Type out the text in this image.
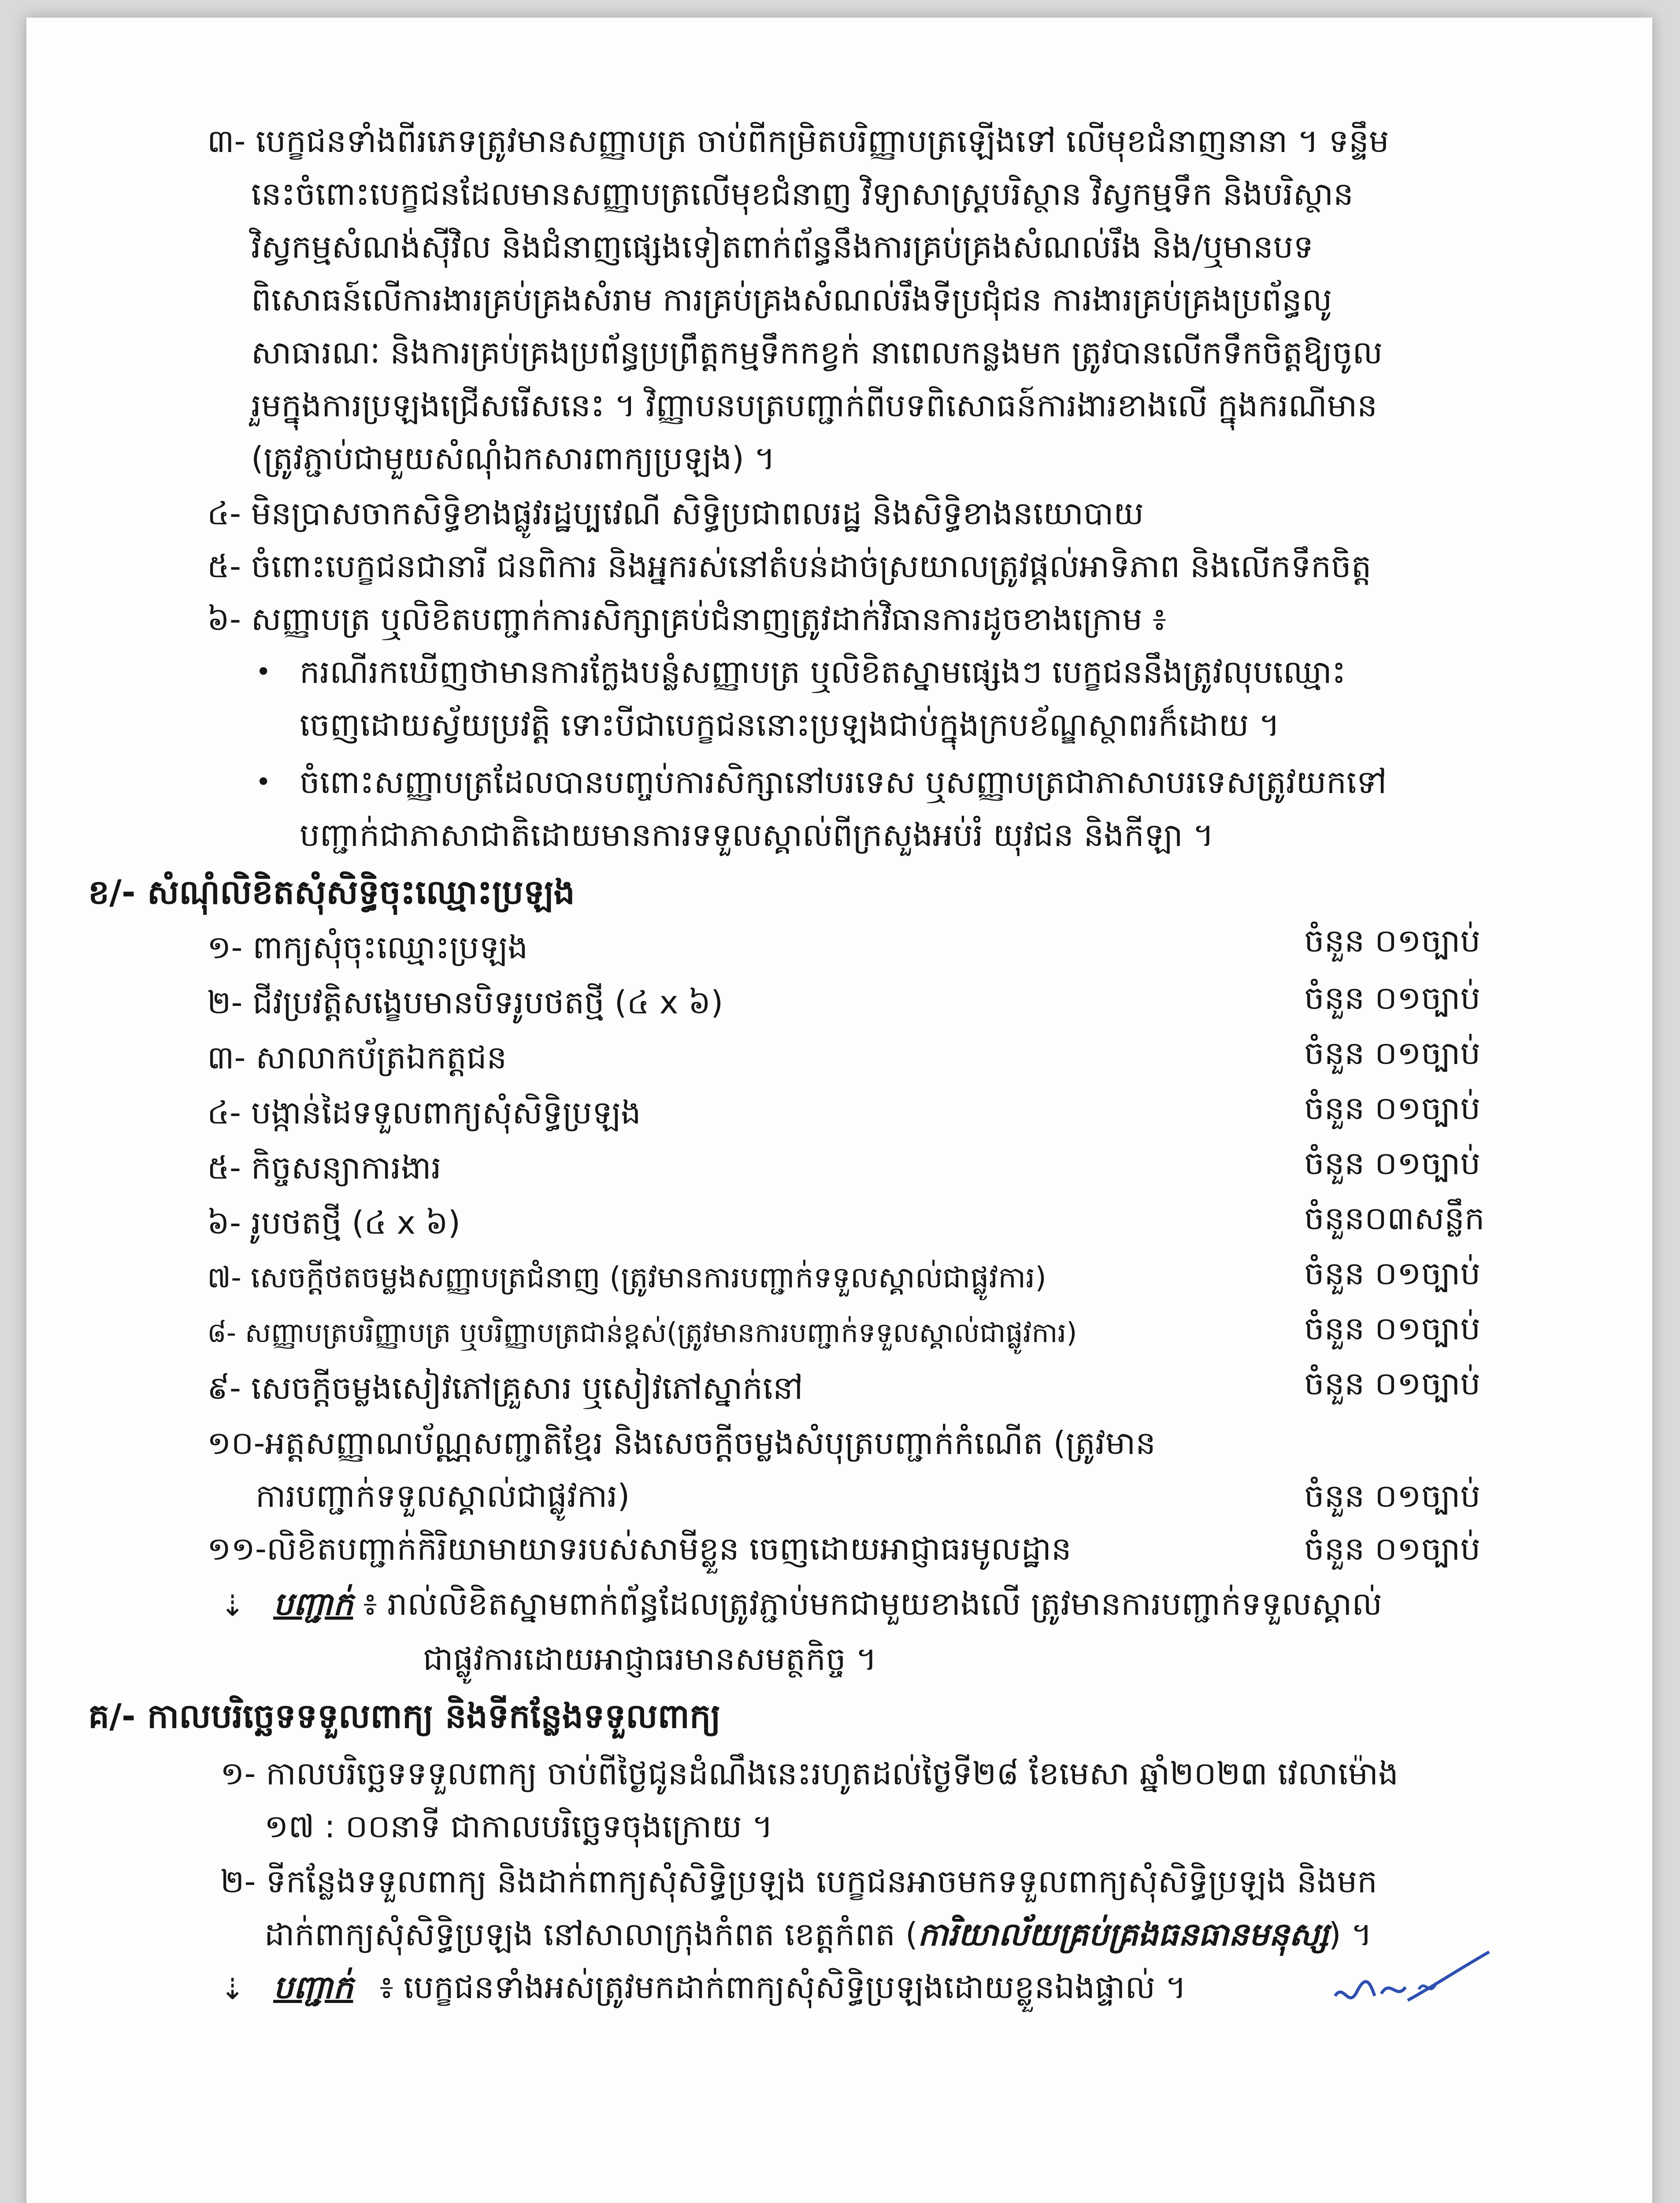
៣- បេក្ខជនទាំងពីរភេទត្រូវមានសញ្ញាបត្រ ចាប់ពីកម្រិតបរិញ្ញាបត្រឡើងទៅ លើមុខជំនាញនានា ។ ទន្ទឹម
នេះចំពោះបេក្ខជនដែលមានសញ្ញាបត្រលើមុខជំនាញ វិទ្យាសាស្ត្របរិស្ថាន វិស្វកម្មទឹក និងបរិស្ថាន
វិស្វកម្មសំណង់ស៊ីវិល និងជំនាញផ្សេងទៀតពាក់ព័ន្ធនឹងការគ្រប់គ្រងសំណល់រឹង និង/ឬមានបទ
ពិសោធន៍លើការងារគ្រប់គ្រងសំរាម ការគ្រប់គ្រងសំណល់រឹងទីប្រជុំជន ការងារគ្រប់គ្រងប្រព័ន្ធលូ
សាធារណៈ និងការគ្រប់គ្រងប្រព័ន្ធប្រព្រឹត្តកម្មទឹកកខ្វក់ នាពេលកន្លងមក ត្រូវបានលើកទឹកចិត្តឱ្យចូល
រួមក្នុងការប្រឡងជ្រើសរើសនេះ ។ វិញ្ញាបនបត្របញ្ជាក់ពីបទពិសោធន៍ការងារខាងលើ ក្នុងករណីមាន
(ត្រូវភ្ជាប់ជាមួយសំណុំឯកសារពាក្យប្រឡង) ។
៤- មិនប្រាសចាកសិទ្ធិខាងផ្លូវរដ្ឋប្បវេណី សិទ្ធិប្រជាពលរដ្ឋ និងសិទ្ធិខាងនយោបាយ
៥- ចំពោះបេក្ខជនជានារី ជនពិការ និងអ្នករស់នៅតំបន់ដាច់ស្រយាលត្រូវផ្តល់អាទិភាព និងលើកទឹកចិត្ត
៦- សញ្ញាបត្រ ឬលិខិតបញ្ជាក់ការសិក្សាគ្រប់ជំនាញត្រូវដាក់វិធានការដូចខាងក្រោម ៖
• ករណីរកឃើញថាមានការក្លែងបន្លំសញ្ញាបត្រ ឬលិខិតស្នាមផ្សេងៗ បេក្ខជននឹងត្រូវលុបឈ្មោះ
ចេញដោយស្វ័យប្រវត្តិ ទោះបីជាបេក្ខជននោះប្រឡងជាប់ក្នុងក្របខ័ណ្ឌស្ថាពរក៏ដោយ ។
• ចំពោះសញ្ញាបត្រដែលបានបញ្ចប់ការសិក្សានៅបរទេស ឬសញ្ញាបត្រជាភាសាបរទេសត្រូវយកទៅ
បញ្ជាក់ជាភាសាជាតិដោយមានការទទួលស្គាល់ពីក្រសួងអប់រំ យុវជន និងកីឡា ។
ខ/- សំណុំលិខិតសុំសិទ្ធិចុះឈ្មោះប្រឡង
១- ពាក្យសុំចុះឈ្មោះប្រឡង	ចំនួន ០១ច្បាប់
២- ជីវប្រវត្តិសង្ខេបមានបិទរូបថតថ្មី (៤ x ៦)	ចំនួន ០១ច្បាប់
៣- សាលាកប័ត្រឯកត្តជន	ចំនួន ០១ច្បាប់
៤- បង្កាន់ដៃទទួលពាក្យសុំសិទ្ធិប្រឡង	ចំនួន ០១ច្បាប់
៥- កិច្ចសន្យាការងារ	ចំនួន ០១ច្បាប់
៦- រូបថតថ្មី (៤ x ៦)	ចំនួន០៣សន្លឹក
៧- សេចក្តីថតចម្លងសញ្ញាបត្រជំនាញ (ត្រូវមានការបញ្ជាក់ទទួលស្គាល់ជាផ្លូវការ)	ចំនួន ០១ច្បាប់
៨- សញ្ញាបត្របរិញ្ញាបត្រ ឬបរិញ្ញាបត្រជាន់ខ្ពស់(ត្រូវមានការបញ្ជាក់ទទួលស្គាល់ជាផ្លូវការ)	ចំនួន ០១ច្បាប់
៩- សេចក្តីចម្លងសៀវភៅគ្រួសារ ឬសៀវភៅស្នាក់នៅ	ចំនួន ០១ច្បាប់
១០-អត្តសញ្ញាណប័ណ្ណសញ្ជាតិខ្មែរ និងសេចក្តីចម្លងសំបុត្របញ្ជាក់កំណើត (ត្រូវមាន
ការបញ្ជាក់ទទួលស្គាល់ជាផ្លូវការ)	ចំនួន ០១ច្បាប់
១១-លិខិតបញ្ជាក់កិរិយាមាយាទរបស់សាមីខ្លួន ចេញដោយអាជ្ញាធរមូលដ្ឋាន	ចំនួន ០១ច្បាប់
⇣ បញ្ជាក់ ៖ រាល់លិខិតស្នាមពាក់ព័ន្ធដែលត្រូវភ្ជាប់មកជាមួយខាងលើ ត្រូវមានការបញ្ជាក់ទទួលស្គាល់
ជាផ្លូវការដោយអាជ្ញាធរមានសមត្ថកិច្ច ។
គ/- កាលបរិច្ឆេទទទួលពាក្យ និងទីកន្លែងទទួលពាក្យ
១- កាលបរិច្ឆេទទទួលពាក្យ ចាប់ពីថ្ងៃជូនដំណឹងនេះរហូតដល់ថ្ងៃទី២៨ ខែមេសា ឆ្នាំ២០២៣ វេលាម៉ោង
១៧ : ០០នាទី ជាកាលបរិច្ឆេទចុងក្រោយ ។
២- ទីកន្លែងទទួលពាក្យ និងដាក់ពាក្យសុំសិទ្ធិប្រឡង បេក្ខជនអាចមកទទួលពាក្យសុំសិទ្ធិប្រឡង និងមក
ដាក់ពាក្យសុំសិទ្ធិប្រឡង នៅសាលាក្រុងកំពត ខេត្តកំពត (ការិយាល័យគ្រប់គ្រងធនធានមនុស្ស) ។
⇣ បញ្ជាក់ ៖ បេក្ខជនទាំងអស់ត្រូវមកដាក់ពាក្យសុំសិទ្ធិប្រឡងដោយខ្លួនឯងផ្ទាល់ ។
